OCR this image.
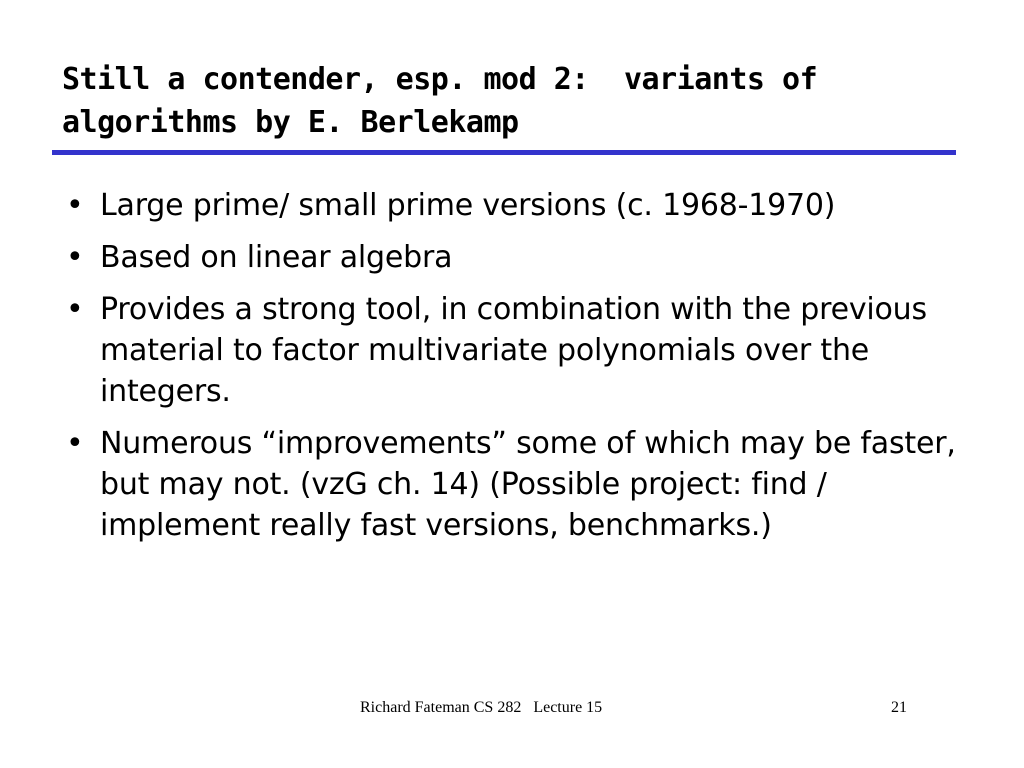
Still a contender, esp. mod 2:  variants of
algorithms by E. Berlekamp
• Large prime/ small prime versions (c. 1968-1970)
• Based on linear algebra
• Provides a strong tool, in combination with the previous material to factor multivariate polynomials over the integers.
• Numerous “improvements” some of which may be faster, but may not. (vzG ch. 14) (Possible project: find / implement really fast versions, benchmarks.)
Richard Fateman CS 282   Lecture 15	21
